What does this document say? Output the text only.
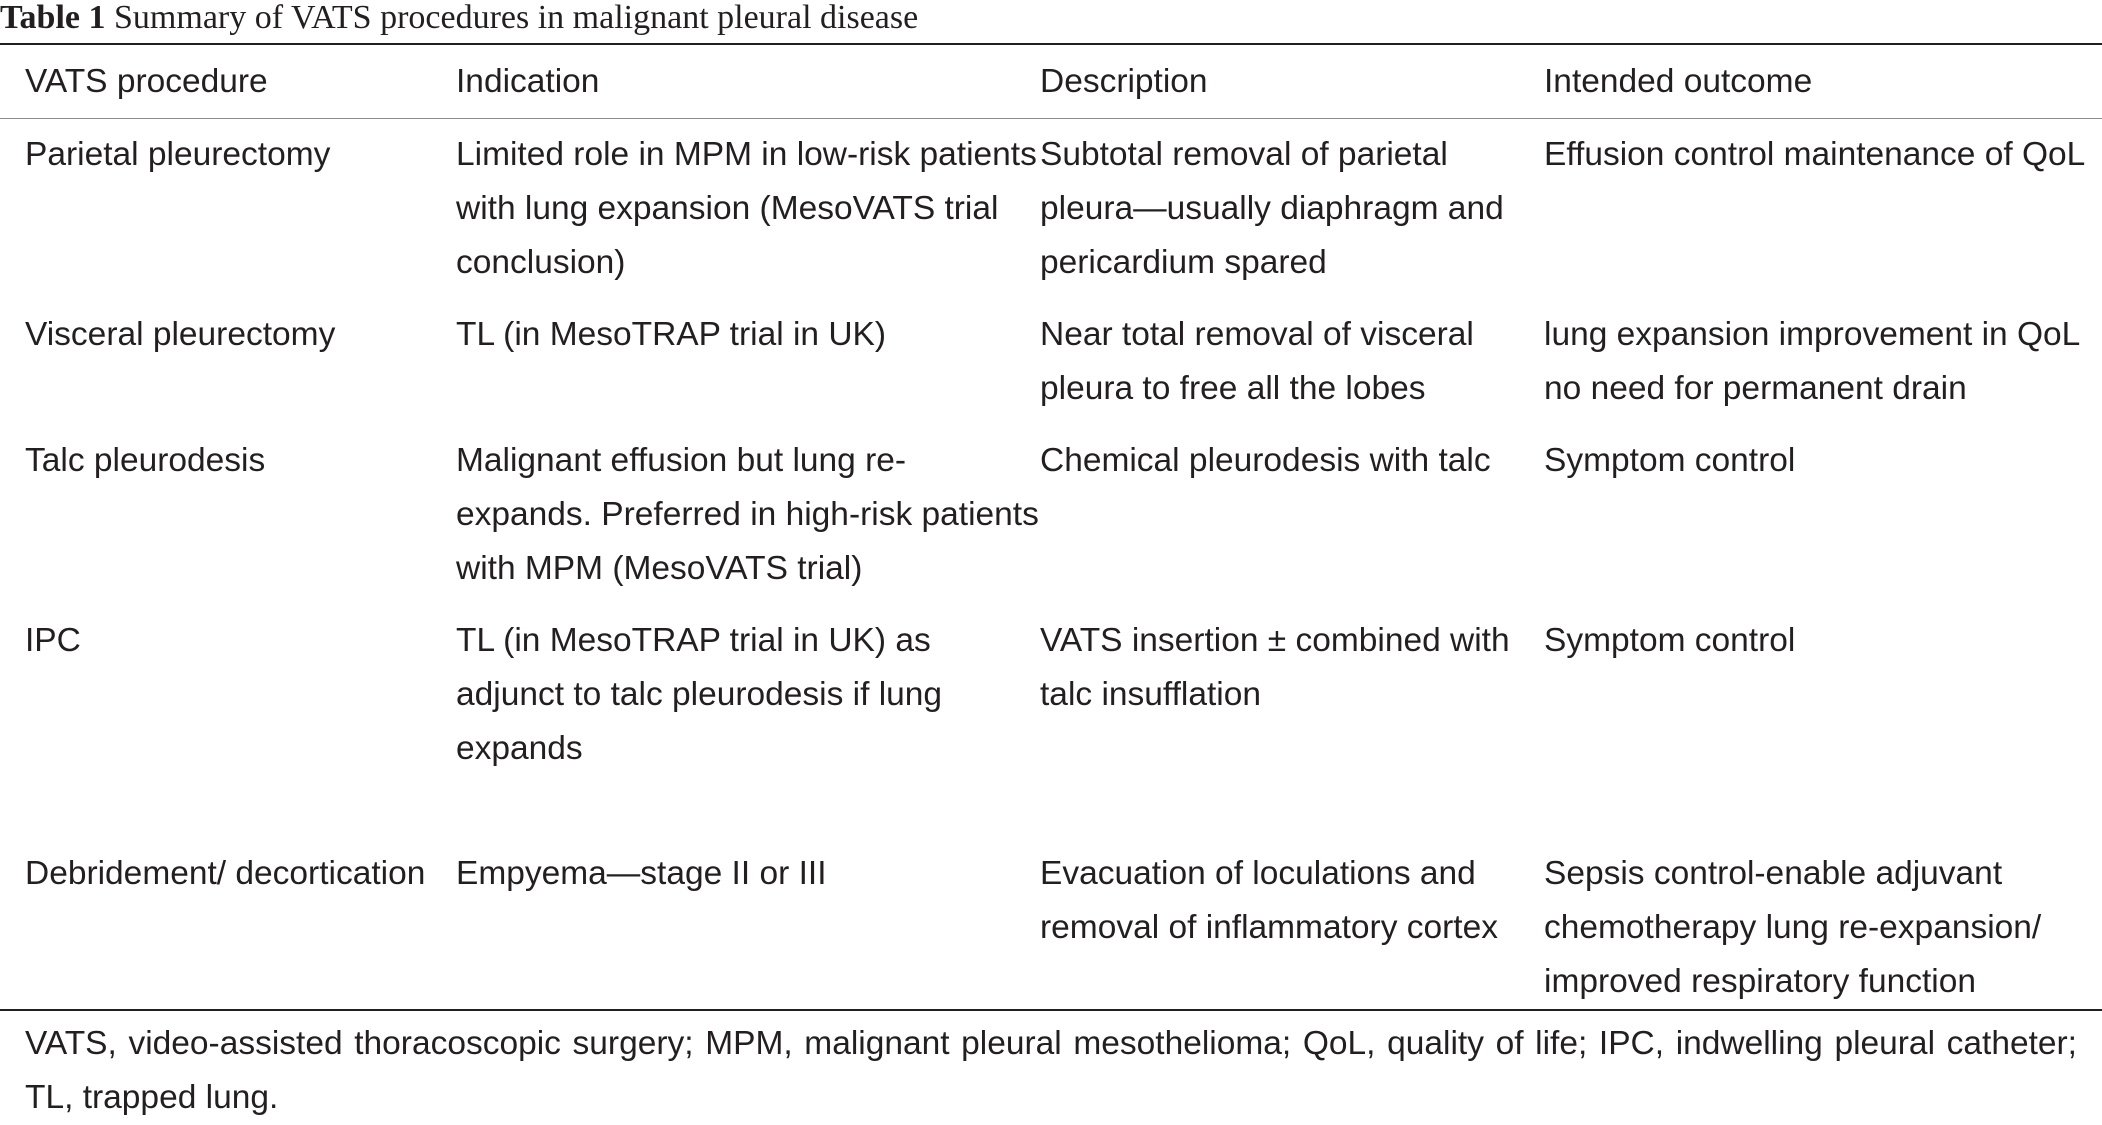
Table 1 Summary of VATS procedures in malignant pleural disease
VATS procedure	Indication	Description	Intended outcome
Parietal pleurectomy	Limited role in MPM in low-risk patients with lung expansion (MesoVATS trial conclusion)	Subtotal removal of parietal pleura—usually diaphragm and pericardium spared	Effusion control maintenance of QoL
Visceral pleurectomy	TL (in MesoTRAP trial in UK)	Near total removal of visceral pleura to free all the lobes	lung expansion improvement in QoL no need for permanent drain
Talc pleurodesis	Malignant effusion but lung re-expands. Preferred in high-risk patients with MPM (MesoVATS trial)	Chemical pleurodesis with talc	Symptom control
IPC	TL (in MesoTRAP trial in UK) as adjunct to talc pleurodesis if lung expands	VATS insertion ± combined with talc insufflation	Symptom control
Debridement/ decortication	Empyema—stage II or III	Evacuation of loculations and removal of inflammatory cortex	Sepsis control-enable adjuvant chemotherapy lung re-expansion/ improved respiratory function
VATS, video-assisted thoracoscopic surgery; MPM, malignant pleural mesothelioma; QoL, quality of life; IPC, indwelling pleural catheter; TL, trapped lung.
